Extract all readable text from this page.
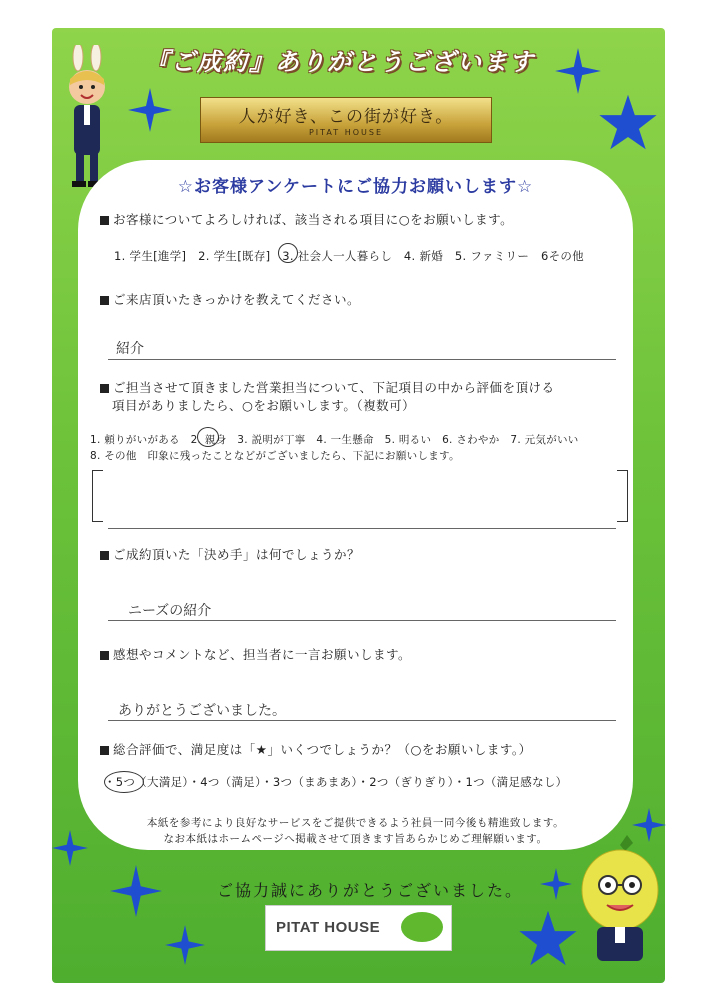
『ご成約』ありがとうございます
人が好き、この街が好き。
PITAT HOUSE
☆お客様アンケートにご協力お願いします☆
お客様についてよろしければ、該当される項目に○をお願いします。
1. 学生[進学]　2. 学生[既存]　3. 社会人一人暮らし　4. 新婚　5. ファミリー　6その他
ご来店頂いたきっかけを教えてください。
紹介
ご担当させて頂きました営業担当について、下記項目の中から評価を頂ける
項目がありましたら、○をお願いします。（複数可）
1. 頼りがいがある　2. 親身　3. 説明が丁寧　4. 一生懸命　5. 明るい　6. さわやか　7. 元気がいい
8. その他　印象に残ったことなどがございましたら、下記にお願いします。
ご成約頂いた「決め手」は何でしょうか？
ニーズの紹介
感想やコメントなど、担当者に一言お願いします。
ありがとうございました。
総合評価で、満足度は「★」いくつでしょうか？（○をお願いします。）
・5つ（大満足）・4つ（満足）・3つ（まあまあ）・2つ（ぎりぎり）・1つ（満足感なし）
本紙を参考により良好なサービスをご提供できるよう社員一同今後も精進致します。
なお本紙はホームページへ掲載させて頂きます旨あらかじめご理解願います。
ご協力誠にありがとうございました。
PITAT HOUSE
